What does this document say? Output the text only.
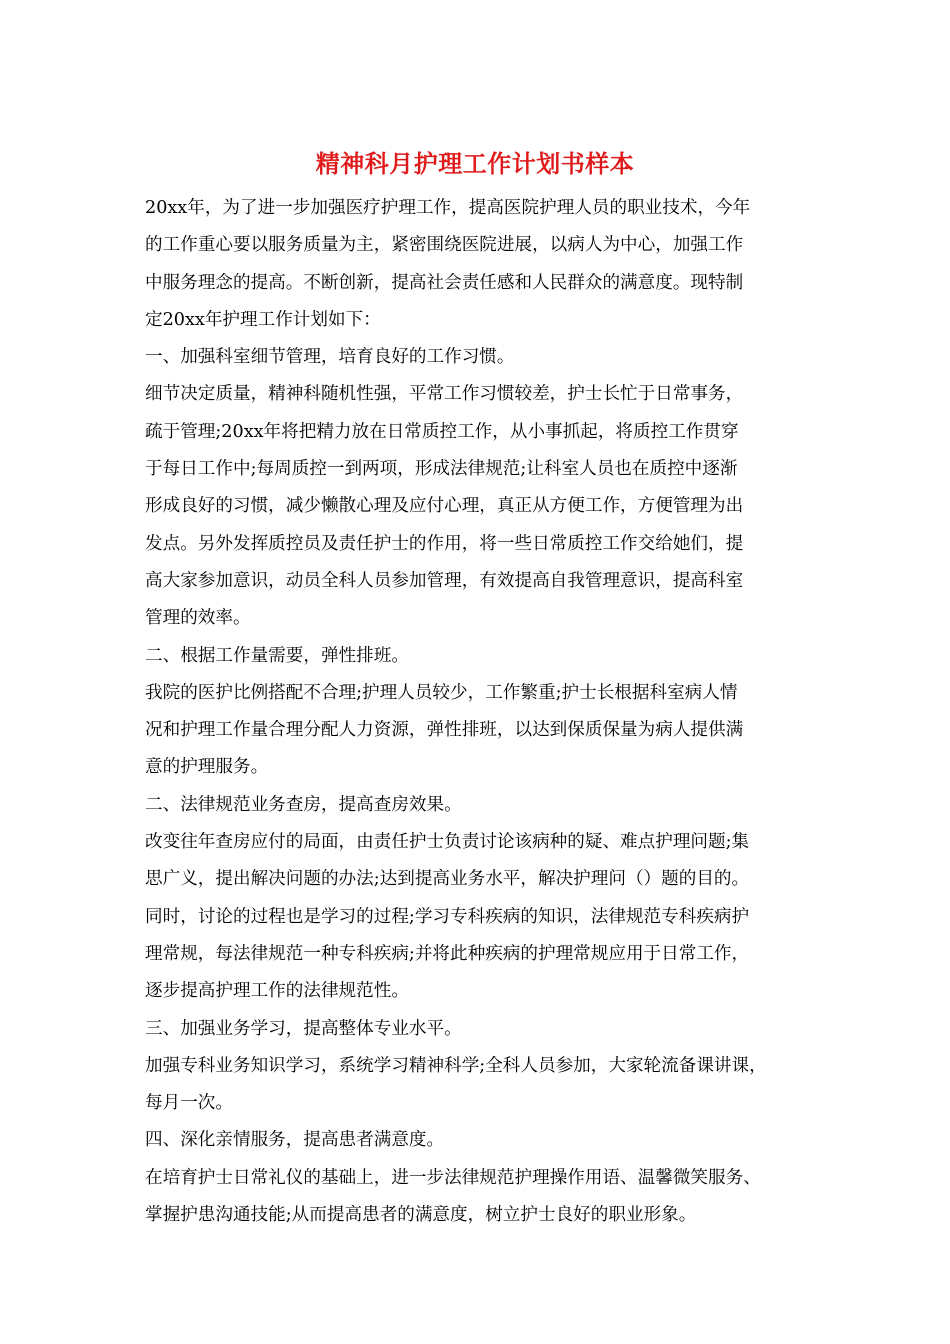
精神科月护理工作计划书样本
20xx年，为了进一步加强医疗护理工作，提高医院护理人员的职业技术，今年
的工作重心要以服务质量为主，紧密围绕医院进展，以病人为中心，加强工作
中服务理念的提高。不断创新，提高社会责任感和人民群众的满意度。现特制
定20xx年护理工作计划如下：
一、加强科室细节管理，培育良好的工作习惯。
细节决定质量，精神科随机性强，平常工作习惯较差，护士长忙于日常事务，
疏于管理;20xx年将把精力放在日常质控工作，从小事抓起，将质控工作贯穿
于每日工作中;每周质控一到两项，形成法律规范;让科室人员也在质控中逐渐
形成良好的习惯，减少懒散心理及应付心理，真正从方便工作，方便管理为出
发点。另外发挥质控员及责任护士的作用，将一些日常质控工作交给她们，提
高大家参加意识，动员全科人员参加管理，有效提高自我管理意识，提高科室
管理的效率。
二、根据工作量需要，弹性排班。
我院的医护比例搭配不合理;护理人员较少，工作繁重;护士长根据科室病人情
况和护理工作量合理分配人力资源，弹性排班，以达到保质保量为病人提供满
意的护理服务。
二、法律规范业务查房，提高查房效果。
改变往年查房应付的局面，由责任护士负责讨论该病种的疑、难点护理问题;集
思广义，提出解决问题的办法;达到提高业务水平，解决护理问（）题的目的。
同时，讨论的过程也是学习的过程;学习专科疾病的知识，法律规范专科疾病护
理常规，每法律规范一种专科疾病;并将此种疾病的护理常规应用于日常工作，
逐步提高护理工作的法律规范性。
三、加强业务学习，提高整体专业水平。
加强专科业务知识学习，系统学习精神科学;全科人员参加，大家轮流备课讲课，
每月一次。
四、深化亲情服务，提高患者满意度。
在培育护士日常礼仪的基础上，进一步法律规范护理操作用语、温馨微笑服务、
掌握护患沟通技能;从而提高患者的满意度，树立护士良好的职业形象。
